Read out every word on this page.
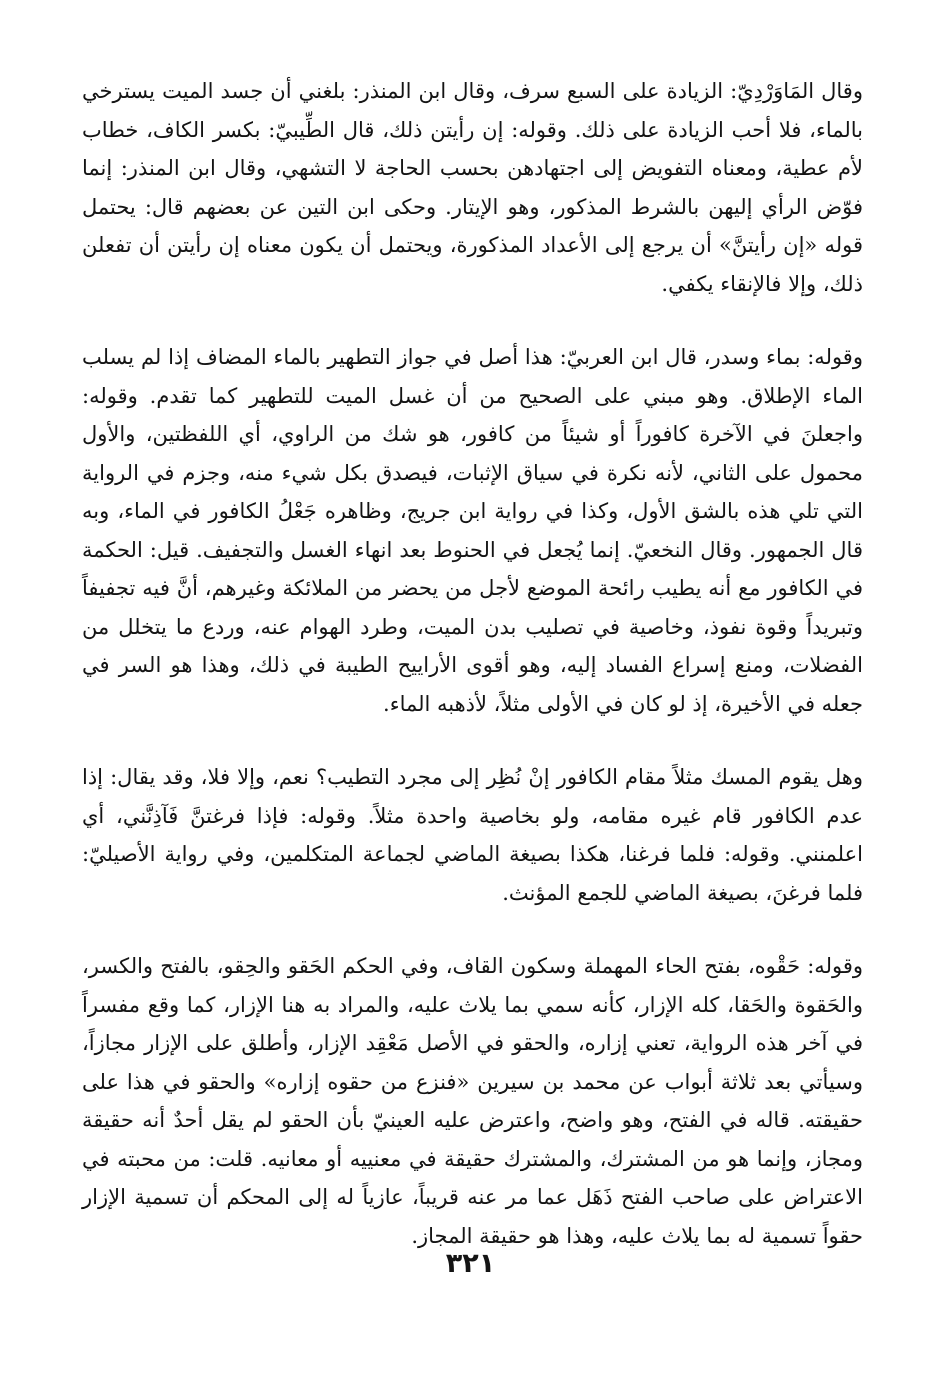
وقال المَاوَرْدِيّ: الزيادة على السبع سرف، وقال ابن المنذر: بلغني أن جسد الميت يسترخي بالماء، فلا أحب الزيادة على ذلك. وقوله: إن رأيتن ذلك، قال الطِّيبيّ: بكسر الكاف، خطاب لأم عطية، ومعناه التفويض إلى اجتهادهن بحسب الحاجة لا التشهي، وقال ابن المنذر: إنما فوّض الرأي إليهن بالشرط المذكور، وهو الإيتار. وحكى ابن التين عن بعضهم قال: يحتمل قوله «إن رأيتنَّ» أن يرجع إلى الأعداد المذكورة، ويحتمل أن يكون معناه إن رأيتن أن تفعلن ذلك، وإلا فالإنقاء يكفي.

وقوله: بماء وسدر، قال ابن العربيّ: هذا أصل في جواز التطهير بالماء المضاف إذا لم يسلب الماء الإطلاق. وهو مبني على الصحيح من أن غسل الميت للتطهير كما تقدم. وقوله: واجعلنَ في الآخرة كافوراً أو شيئاً من كافور، هو شك من الراوي، أي اللفظتين، والأول محمول على الثاني، لأنه نكرة في سياق الإثبات، فيصدق بكل شيء منه، وجزم في الرواية التي تلي هذه بالشق الأول، وكذا في رواية ابن جريج، وظاهره جَعْلُ الكافور في الماء، وبه قال الجمهور. وقال النخعيّ. إنما يُجعل في الحنوط بعد انهاء الغسل والتجفيف. قيل: الحكمة في الكافور مع أنه يطيب رائحة الموضع لأجل من يحضر من الملائكة وغيرهم، أنَّ فيه تجفيفاً وتبريداً وقوة نفوذ، وخاصية في تصليب بدن الميت، وطرد الهوام عنه، وردع ما يتخلل من الفضلات، ومنع إسراع الفساد إليه، وهو أقوى الأراييح الطيبة في ذلك، وهذا هو السر في جعله في الأخيرة، إذ لو كان في الأولى مثلاً، لأذهبه الماء.

وهل يقوم المسك مثلاً مقام الكافور إنْ نُظِر إلى مجرد التطيب؟ نعم، وإلا فلا، وقد يقال: إذا عدم الكافور قام غيره مقامه، ولو بخاصية واحدة مثلاً. وقوله: فإذا فرغتنَّ فَآذِنَّني، أي اعلمنني. وقوله: فلما فرغنا، هكذا بصيغة الماضي لجماعة المتكلمين، وفي رواية الأصيليّ: فلما فرغنَ، بصيغة الماضي للجمع المؤنث.

وقوله: حَقْوه، بفتح الحاء المهملة وسكون القاف، وفي الحكم الحَقو والحِقو، بالفتح والكسر، والحَقوة والحَقا، كله الإزار، كأنه سمي بما يلاث عليه، والمراد به هنا الإزار، كما وقع مفسراً في آخر هذه الرواية، تعني إزاره، والحقو في الأصل مَعْقِد الإزار، وأطلق على الإزار مجازاً، وسيأتي بعد ثلاثة أبواب عن محمد بن سيرين «فنزع من حقوه إزاره» والحقو في هذا على حقيقته. قاله في الفتح، وهو واضح، واعترض عليه العينيّ بأن الحقو لم يقل أحدٌ أنه حقيقة ومجاز، وإنما هو من المشترك، والمشترك حقيقة في معنييه أو معانيه. قلت: من محبته في الاعتراض على صاحب الفتح ذَهَل عما مر عنه قريباً، عازياً له إلى المحكم أن تسمية الإزار حقواً تسمية له بما يلاث عليه، وهذا هو حقيقة المجاز.

٣٢١
